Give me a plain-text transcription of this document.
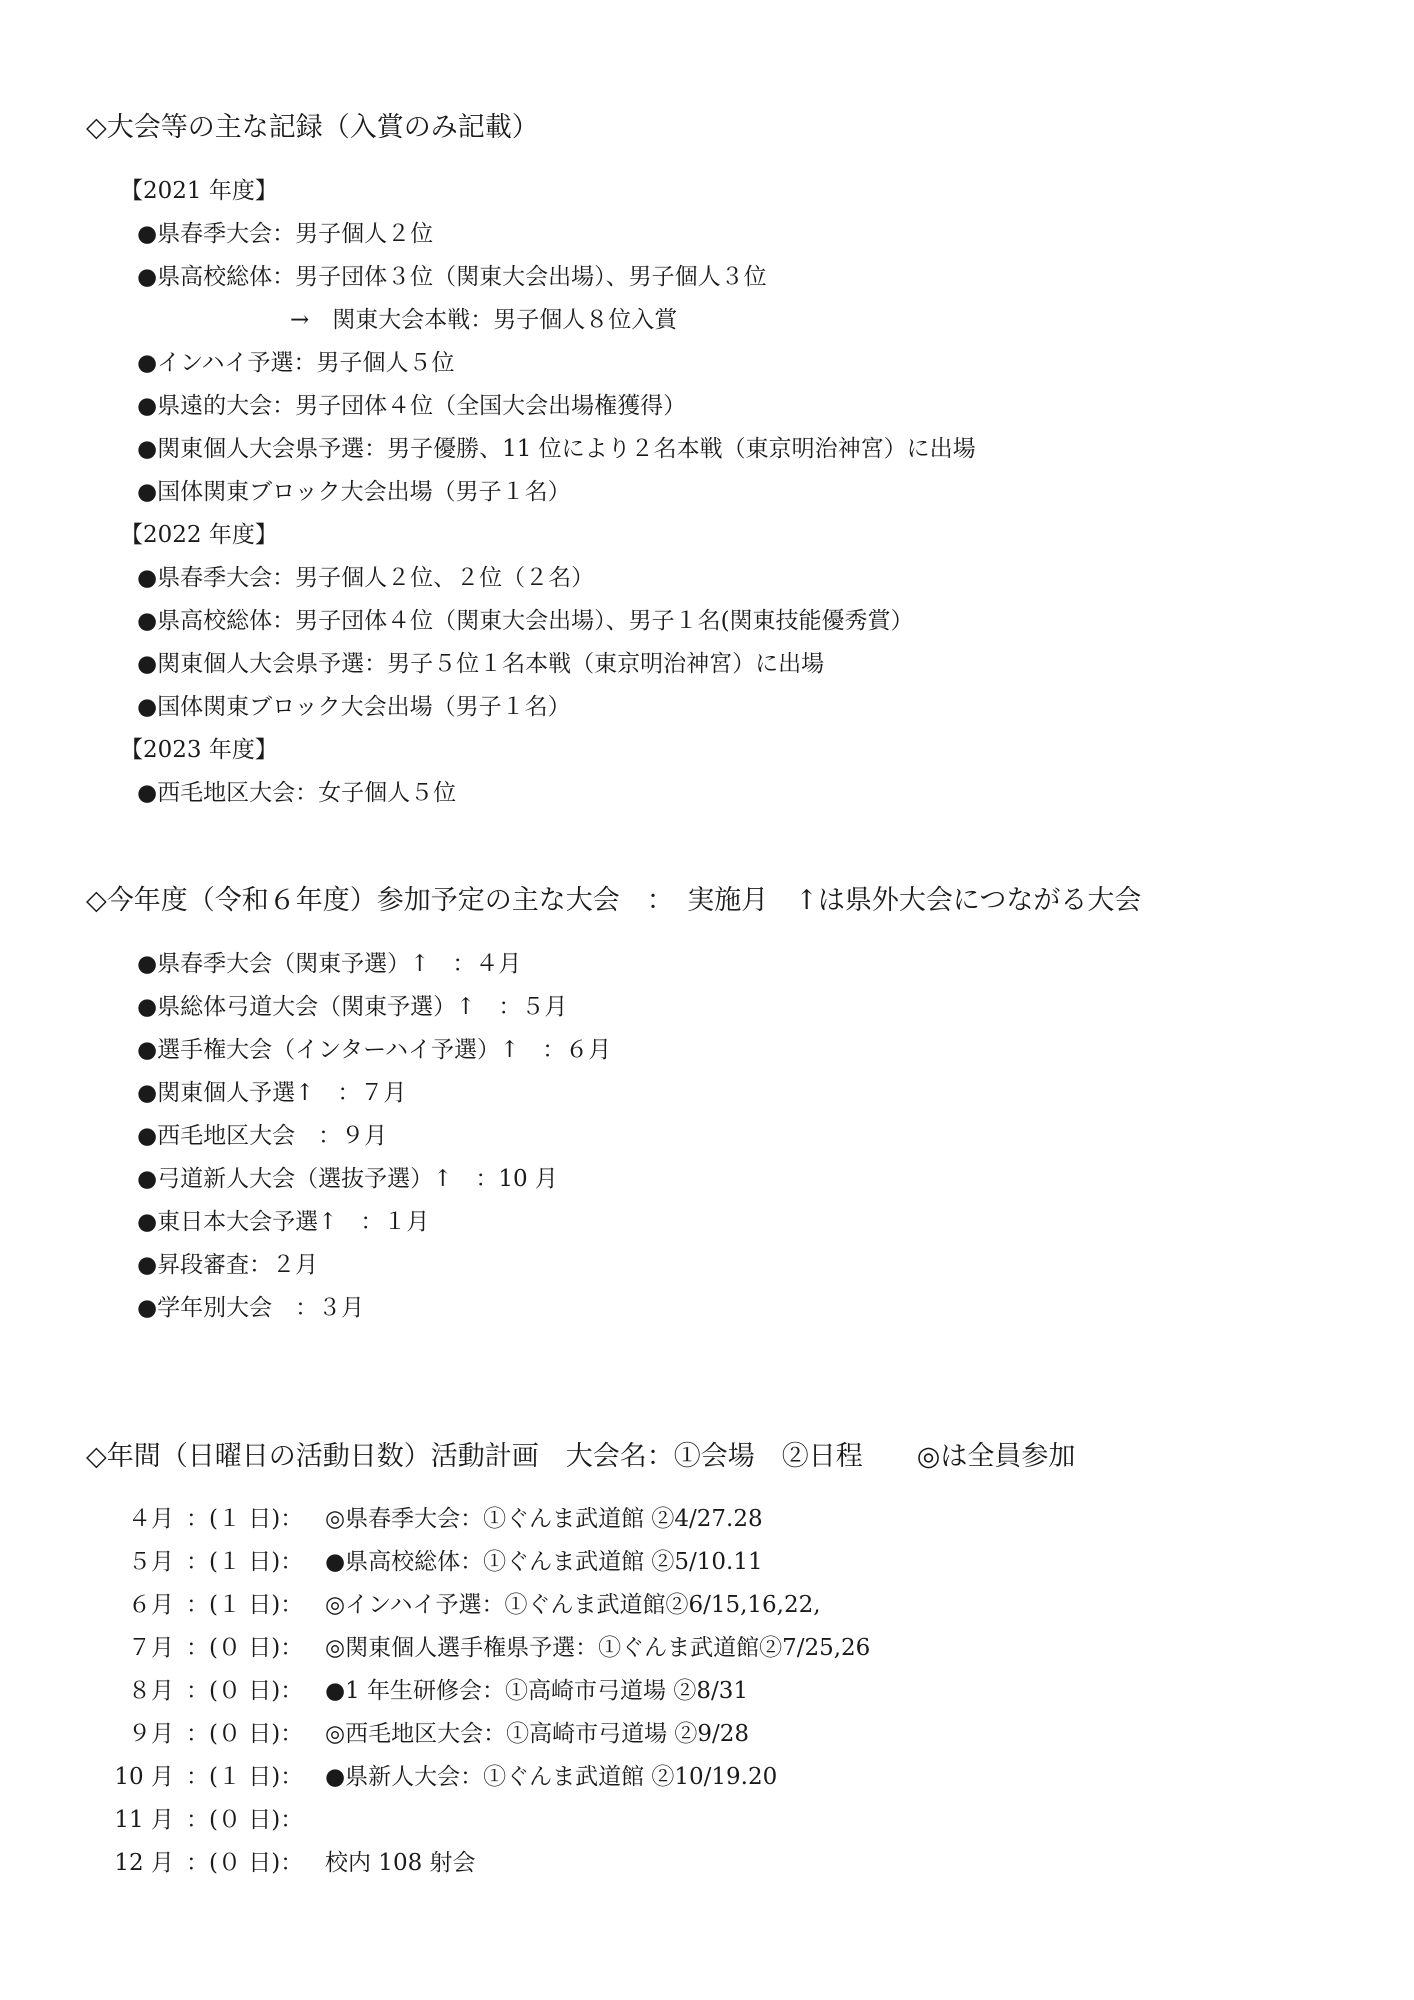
◇大会等の主な記録（入賞のみ記載）
【2021 年度】
●県春季大会：男子個人２位
●県高校総体：男子団体３位（関東大会出場）、男子個人３位
→　関東大会本戦：男子個人８位入賞
●インハイ予選：男子個人５位
●県遠的大会：男子団体４位（全国大会出場権獲得）
●関東個人大会県予選：男子優勝、11 位により２名本戦（東京明治神宮）に出場
●国体関東ブロック大会出場（男子１名）
【2022 年度】
●県春季大会：男子個人２位、２位（２名）
●県高校総体：男子団体４位（関東大会出場）、男子１名(関東技能優秀賞）
●関東個人大会県予選：男子５位１名本戦（東京明治神宮）に出場
●国体関東ブロック大会出場（男子１名）
【2023 年度】
●西毛地区大会：女子個人５位
◇今年度（令和６年度）参加予定の主な大会　：　実施月　↑は県外大会につながる大会
●県春季大会（関東予選）↑　：４月
●県総体弓道大会（関東予選）↑　：５月
●選手権大会（インターハイ予選）↑　：６月
●関東個人予選↑　：７月
●西毛地区大会　：９月
●弓道新人大会（選抜予選）↑　：10 月
●東日本大会予選↑　：１月
●昇段審査：２月
●学年別大会　：３月
◇年間（日曜日の活動日数）活動計画　大会名：①会場　②日程　　◎は全員参加
４月 ：(１ 日)： ◎県春季大会：①ぐんま武道館 ②4/27.28
５月 ：(１ 日)： ●県高校総体：①ぐんま武道館 ②5/10.11
６月 ：(１ 日)： ◎インハイ予選：①ぐんま武道館②6/15,16,22,
７月 ：(０ 日)： ◎関東個人選手権県予選：①ぐんま武道館②7/25,26
８月 ：(０ 日)： ●1 年生研修会：①高崎市弓道場 ②8/31
９月 ：(０ 日)： ◎西毛地区大会：①高崎市弓道場 ②9/28
10 月 ：(１ 日)： ●県新人大会：①ぐんま武道館 ②10/19.20
11 月 ：(０ 日)：
12 月 ：(０ 日)： 校内 108 射会
